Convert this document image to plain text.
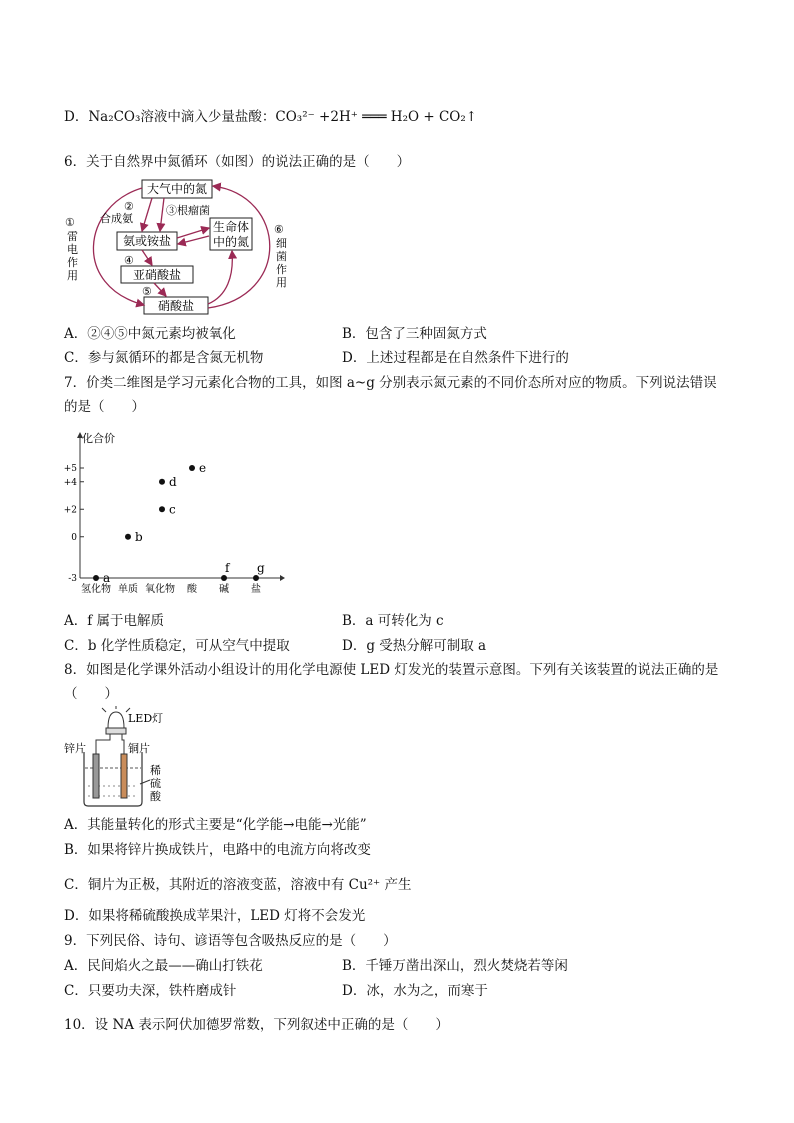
D．Na₂CO₃溶液中滴入少量盐酸：CO₃²⁻ +2H⁺ ═══ H₂O + CO₂↑
6．关于自然界中氮循环（如图）的说法正确的是（　　）
大气中的氮
氨或铵盐
生命体
中的氮
亚硝酸盐
硝酸盐
①
雷
电
作
用
②
合成氨
③根瘤菌
④
⑤
⑥
细
菌
作
用
A．②④⑤中氮元素均被氧化	B．包含了三种固氮方式
C．参与氮循环的都是含氮无机物	D．上述过程都是在自然条件下进行的
7．价类二维图是学习元素化合物的工具，如图 a~g 分别表示氮元素的不同价态所对应的物质。下列说法错误
的是（　　）
化合价
+5
+4
+2
0
-3
氢化物 单质 氧化物 酸 碱 盐
a
b
c
d
e
f g
A．f 属于电解质	B．a 可转化为 c
C．b 化学性质稳定，可从空气中提取	D．g 受热分解可制取 a
8．如图是化学课外活动小组设计的用化学电源使 LED 灯发光的装置示意图。下列有关该装置的说法正确的是
（　　）
LED灯
锌片	铜片
稀
硫
酸
A．其能量转化的形式主要是“化学能→电能→光能”
B．如果将锌片换成铁片，电路中的电流方向将改变
C．铜片为正极，其附近的溶液变蓝，溶液中有 Cu²⁺ 产生
D．如果将稀硫酸换成苹果汁，LED 灯将不会发光
9．下列民俗、诗句、谚语等包含吸热反应的是（　　）
A．民间焰火之最——确山打铁花	B．千锤万凿出深山，烈火焚烧若等闲
C．只要功夫深，铁杵磨成针	D．冰，水为之，而寒于
10．设 NA 表示阿伏加德罗常数，下列叙述中正确的是（　　）
